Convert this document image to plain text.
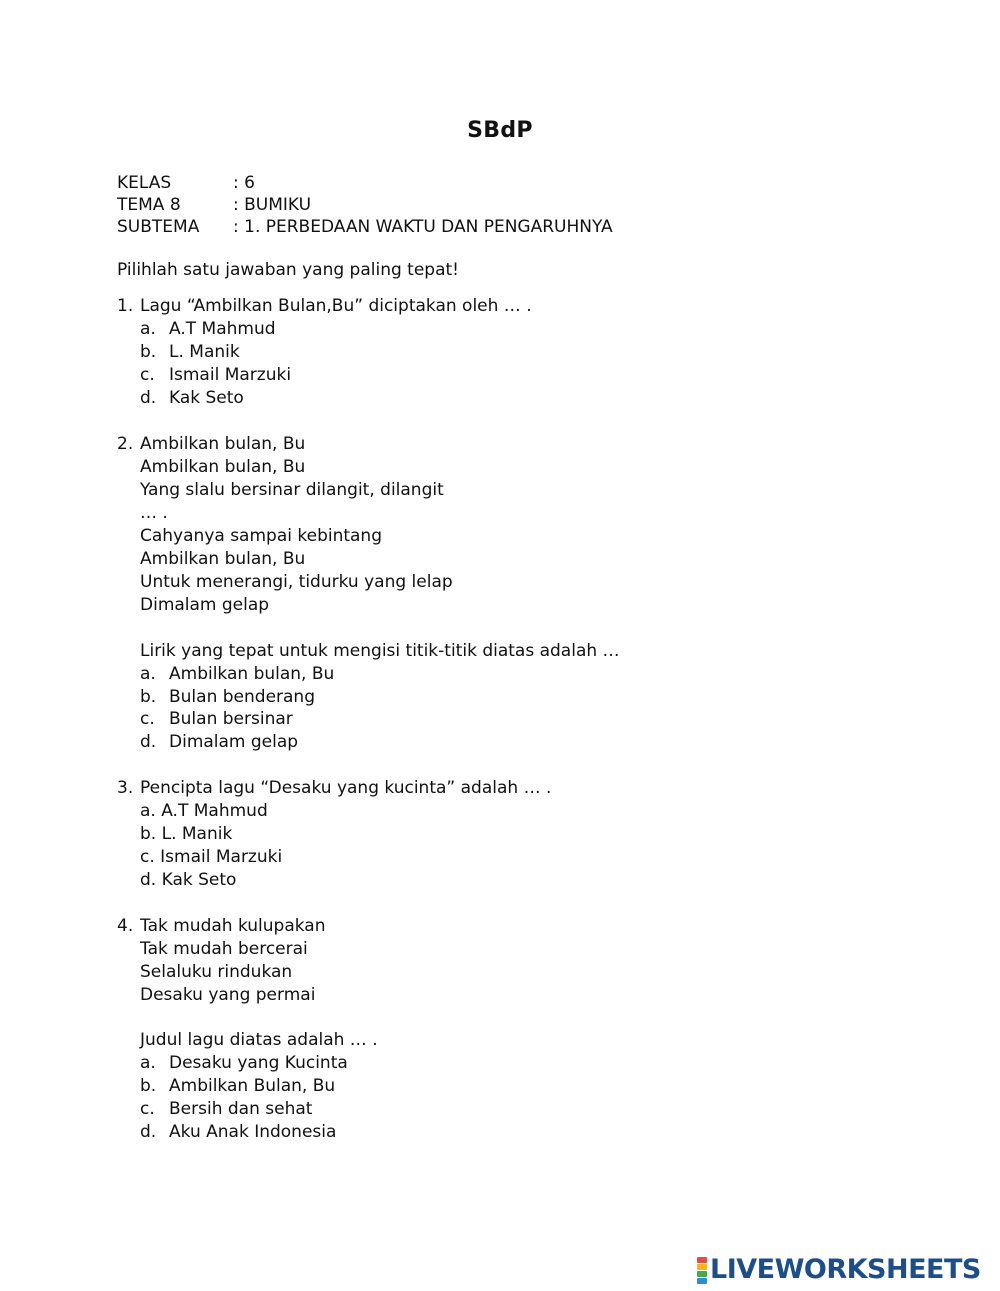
SBdP
KELAS	: 6
TEMA 8	: BUMIKU
SUBTEMA	: 1. PERBEDAAN WAKTU DAN PENGARUHNYA
Pilihlah satu jawaban yang paling tepat!
1. Lagu “Ambilkan Bulan,Bu” diciptakan oleh … .
a. A.T Mahmud
b. L. Manik
c. Ismail Marzuki
d. Kak Seto
2. Ambilkan bulan, Bu
Ambilkan bulan, Bu
Yang slalu bersinar dilangit, dilangit
… .
Cahyanya sampai kebintang
Ambilkan bulan, Bu
Untuk menerangi, tidurku yang lelap
Dimalam gelap
Lirik yang tepat untuk mengisi titik-titik diatas adalah …
a. Ambilkan bulan, Bu
b. Bulan benderang
c. Bulan bersinar
d. Dimalam gelap
3. Pencipta lagu “Desaku yang kucinta” adalah … .
a. A.T Mahmud
b. L. Manik
c. Ismail Marzuki
d. Kak Seto
4. Tak mudah kulupakan
Tak mudah bercerai
Selaluku rindukan
Desaku yang permai
Judul lagu diatas adalah … .
a. Desaku yang Kucinta
b. Ambilkan Bulan, Bu
c. Bersih dan sehat
d. Aku Anak Indonesia
LIVEWORKSHEETS
